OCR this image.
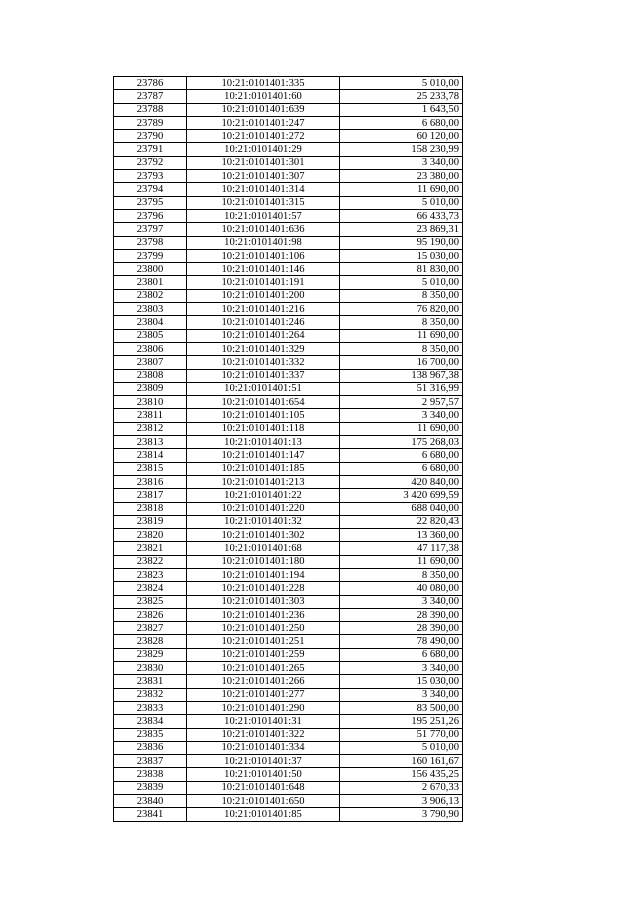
23786	10:21:0101401:335	5 010,00
23787	10:21:0101401:60	25 233,78
23788	10:21:0101401:639	1 643,50
23789	10:21:0101401:247	6 680,00
23790	10:21:0101401:272	60 120,00
23791	10:21:0101401:29	158 230,99
23792	10:21:0101401:301	3 340,00
23793	10:21:0101401:307	23 380,00
23794	10:21:0101401:314	11 690,00
23795	10:21:0101401:315	5 010,00
23796	10:21:0101401:57	66 433,73
23797	10:21:0101401:636	23 869,31
23798	10:21:0101401:98	95 190,00
23799	10:21:0101401:106	15 030,00
23800	10:21:0101401:146	81 830,00
23801	10:21:0101401:191	5 010,00
23802	10:21:0101401:200	8 350,00
23803	10:21:0101401:216	76 820,00
23804	10:21:0101401:246	8 350,00
23805	10:21:0101401:264	11 690,00
23806	10:21:0101401:329	8 350,00
23807	10:21:0101401:332	16 700,00
23808	10:21:0101401:337	138 967,38
23809	10:21:0101401:51	51 316,99
23810	10:21:0101401:654	2 957,57
23811	10:21:0101401:105	3 340,00
23812	10:21:0101401:118	11 690,00
23813	10:21:0101401:13	175 268,03
23814	10:21:0101401:147	6 680,00
23815	10:21:0101401:185	6 680,00
23816	10:21:0101401:213	420 840,00
23817	10:21:0101401:22	3 420 699,59
23818	10:21:0101401:220	688 040,00
23819	10:21:0101401:32	22 820,43
23820	10:21:0101401:302	13 360,00
23821	10:21:0101401:68	47 117,38
23822	10:21:0101401:180	11 690,00
23823	10:21:0101401:194	8 350,00
23824	10:21:0101401:228	40 080,00
23825	10:21:0101401:303	3 340,00
23826	10:21:0101401:236	28 390,00
23827	10:21:0101401:250	28 390,00
23828	10:21:0101401:251	78 490,00
23829	10:21:0101401:259	6 680,00
23830	10:21:0101401:265	3 340,00
23831	10:21:0101401:266	15 030,00
23832	10:21:0101401:277	3 340,00
23833	10:21:0101401:290	83 500,00
23834	10:21:0101401:31	195 251,26
23835	10:21:0101401:322	51 770,00
23836	10:21:0101401:334	5 010,00
23837	10:21:0101401:37	160 161,67
23838	10:21:0101401:50	156 435,25
23839	10:21:0101401:648	2 670,33
23840	10:21:0101401:650	3 906,13
23841	10:21:0101401:85	3 790,90
